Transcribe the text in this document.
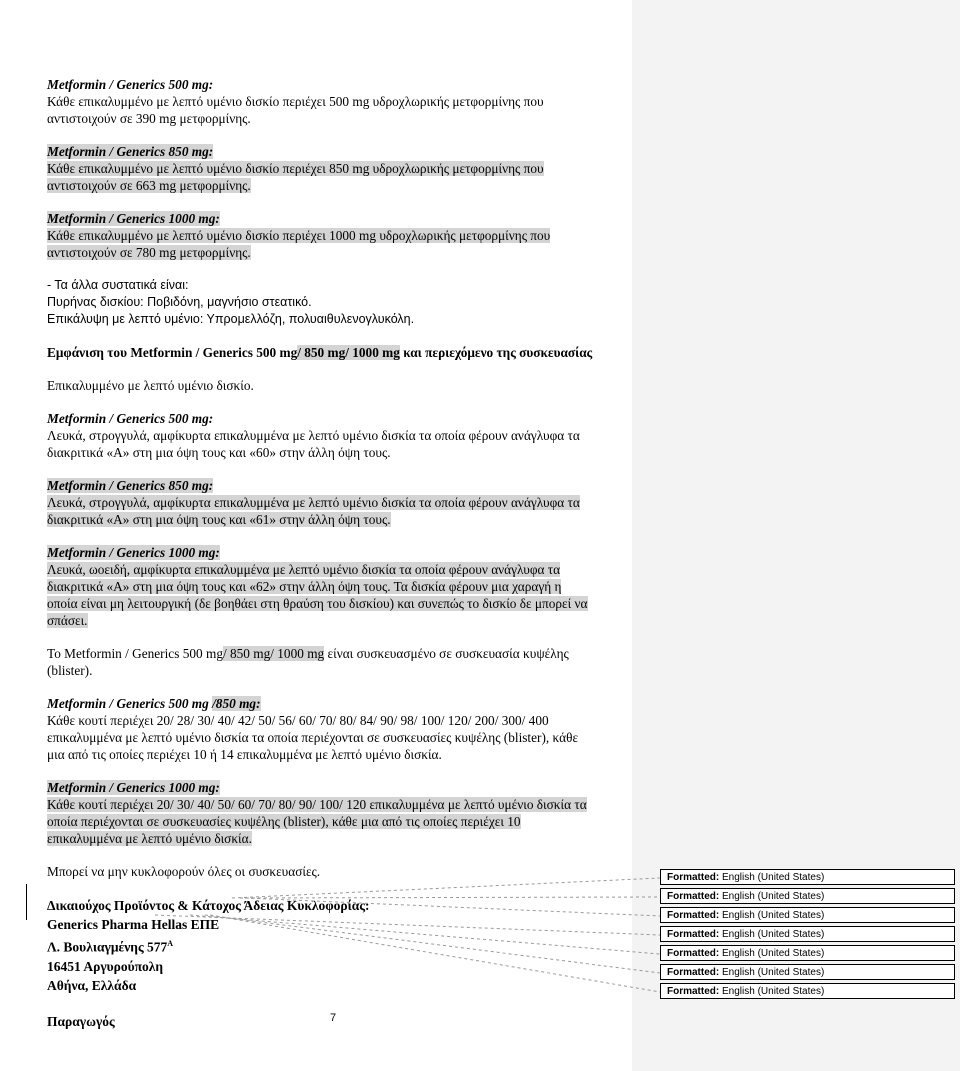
Metformin / Generics 500 mg:
Κάθε επικαλυμμένο με λεπτό υμένιο δισκίο περιέχει 500 mg υδροχλωρικής μετφορμίνης που
αντιστοιχούν σε 390 mg μετφορμίνης.

Metformin / Generics 850 mg:
Κάθε επικαλυμμένο με λεπτό υμένιο δισκίο περιέχει 850 mg υδροχλωρικής μετφορμίνης που
αντιστοιχούν σε 663 mg μετφορμίνης.

Metformin / Generics 1000 mg:
Κάθε επικαλυμμένο με λεπτό υμένιο δισκίο περιέχει 1000 mg υδροχλωρικής μετφορμίνης που
αντιστοιχούν σε 780 mg μετφορμίνης.

- Τα άλλα συστατικά είναι:
Πυρήνας δισκίου: Ποβιδόνη, μαγνήσιο στεατικό.
Επικάλυψη με λεπτό υμένιο: Υπρομελλόζη, πολυαιθυλενογλυκόλη.

Εμφάνιση του Metformin / Generics 500 mg/ 850 mg/ 1000 mg και περιεχόμενο της συσκευασίας

Επικαλυμμένο με λεπτό υμένιο δισκίο.

Metformin / Generics 500 mg:
Λευκά, στρογγυλά, αμφίκυρτα επικαλυμμένα με λεπτό υμένιο δισκία τα οποία φέρουν ανάγλυφα τα
διακριτικά «A» στη μια όψη τους και «60» στην άλλη όψη τους.

Metformin / Generics 850 mg:
Λευκά, στρογγυλά, αμφίκυρτα επικαλυμμένα με λεπτό υμένιο δισκία τα οποία φέρουν ανάγλυφα τα
διακριτικά «A» στη μια όψη τους και «61» στην άλλη όψη τους.

Metformin / Generics 1000 mg:
Λευκά, ωοειδή, αμφίκυρτα επικαλυμμένα με λεπτό υμένιο δισκία τα οποία φέρουν ανάγλυφα τα
διακριτικά «A» στη μια όψη τους και «62» στην άλλη όψη τους. Τα δισκία φέρουν μια χαραγή η
οποία είναι μη λειτουργική (δε βοηθάει στη θραύση του δισκίου) και συνεπώς το δισκίο δε μπορεί να
σπάσει.

Το Metformin / Generics 500 mg/ 850 mg/ 1000 mg είναι συσκευασμένο σε συσκευασία κυψέλης
(blister).

Metformin / Generics 500 mg /850 mg:
Κάθε κουτί περιέχει 20/ 28/ 30/ 40/ 42/ 50/ 56/ 60/ 70/ 80/ 84/ 90/ 98/ 100/ 120/ 200/ 300/ 400
επικαλυμμένα με λεπτό υμένιο δισκία τα οποία περιέχονται σε συσκευασίες κυψέλης (blister), κάθε
μια από τις οποίες περιέχει 10 ή 14 επικαλυμμένα με λεπτό υμένιο δισκία.

Metformin / Generics 1000 mg:
Κάθε κουτί περιέχει 20/ 30/ 40/ 50/ 60/ 70/ 80/ 90/ 100/ 120 επικαλυμμένα με λεπτό υμένιο δισκία τα
οποία περιέχονται σε συσκευασίες κυψέλης (blister), κάθε μια από τις οποίες περιέχει 10
επικαλυμμένα με λεπτό υμένιο δισκία.

Μπορεί να μην κυκλοφορούν όλες οι συσκευασίες.

Δικαιούχος Προϊόντος & Κάτοχος Άδειας Κυκλοφορίας:
Generics Pharma Hellas ΕΠΕ
Λ. Βουλιαγμένης $577^A$
16451 Αργυρούπολη
Αθήνα, Ελλάδα
Παραγωγός	7
Formatted: English (United States)
Formatted: English (United States)
Formatted: English (United States)
Formatted: English (United States)
Formatted: English (United States)
Formatted: English (United States)
Formatted: English (United States)
